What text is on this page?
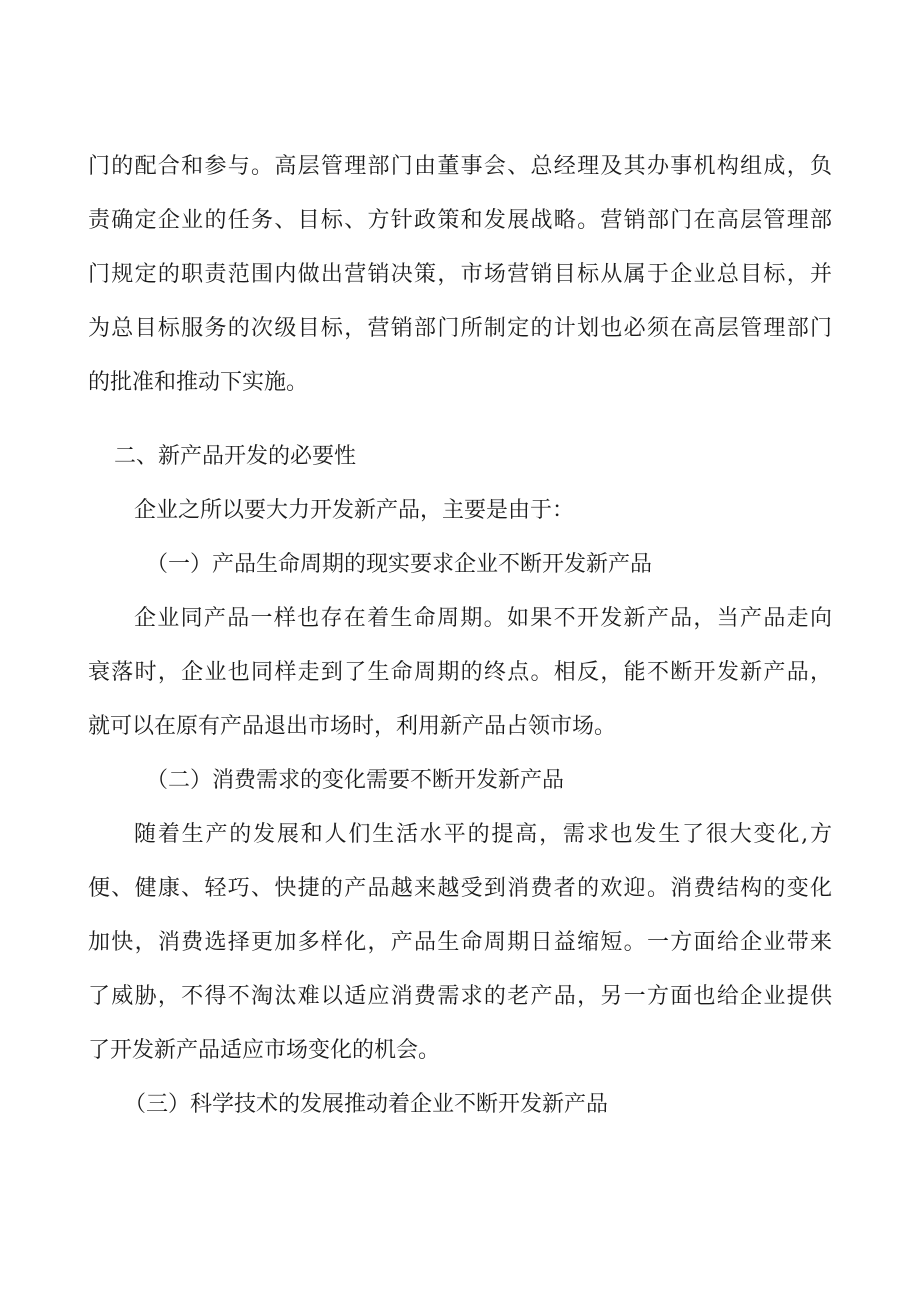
门的配合和参与。高层管理部门由董事会、总经理及其办事机构组成，负
责确定企业的任务、目标、方针政策和发展战略。营销部门在高层管理部
门规定的职责范围内做出营销决策，市场营销目标从属于企业总目标，并
为总目标服务的次级目标，营销部门所制定的计划也必须在高层管理部门
的批准和推动下实施。
二、新产品开发的必要性
企业之所以要大力开发新产品，主要是由于：
（一）产品生命周期的现实要求企业不断开发新产品
企业同产品一样也存在着生命周期。如果不开发新产品，当产品走向
衰落时，企业也同样走到了生命周期的终点。相反，能不断开发新产品，
就可以在原有产品退出市场时，利用新产品占领市场。
（二）消费需求的变化需要不断开发新产品
随着生产的发展和人们生活水平的提高，需求也发生了很大变化,方
便、健康、轻巧、快捷的产品越来越受到消费者的欢迎。消费结构的变化
加快，消费选择更加多样化，产品生命周期日益缩短。一方面给企业带来
了威胁，不得不淘汰难以适应消费需求的老产品，另一方面也给企业提供
了开发新产品适应市场变化的机会。
（三）科学技术的发展推动着企业不断开发新产品
